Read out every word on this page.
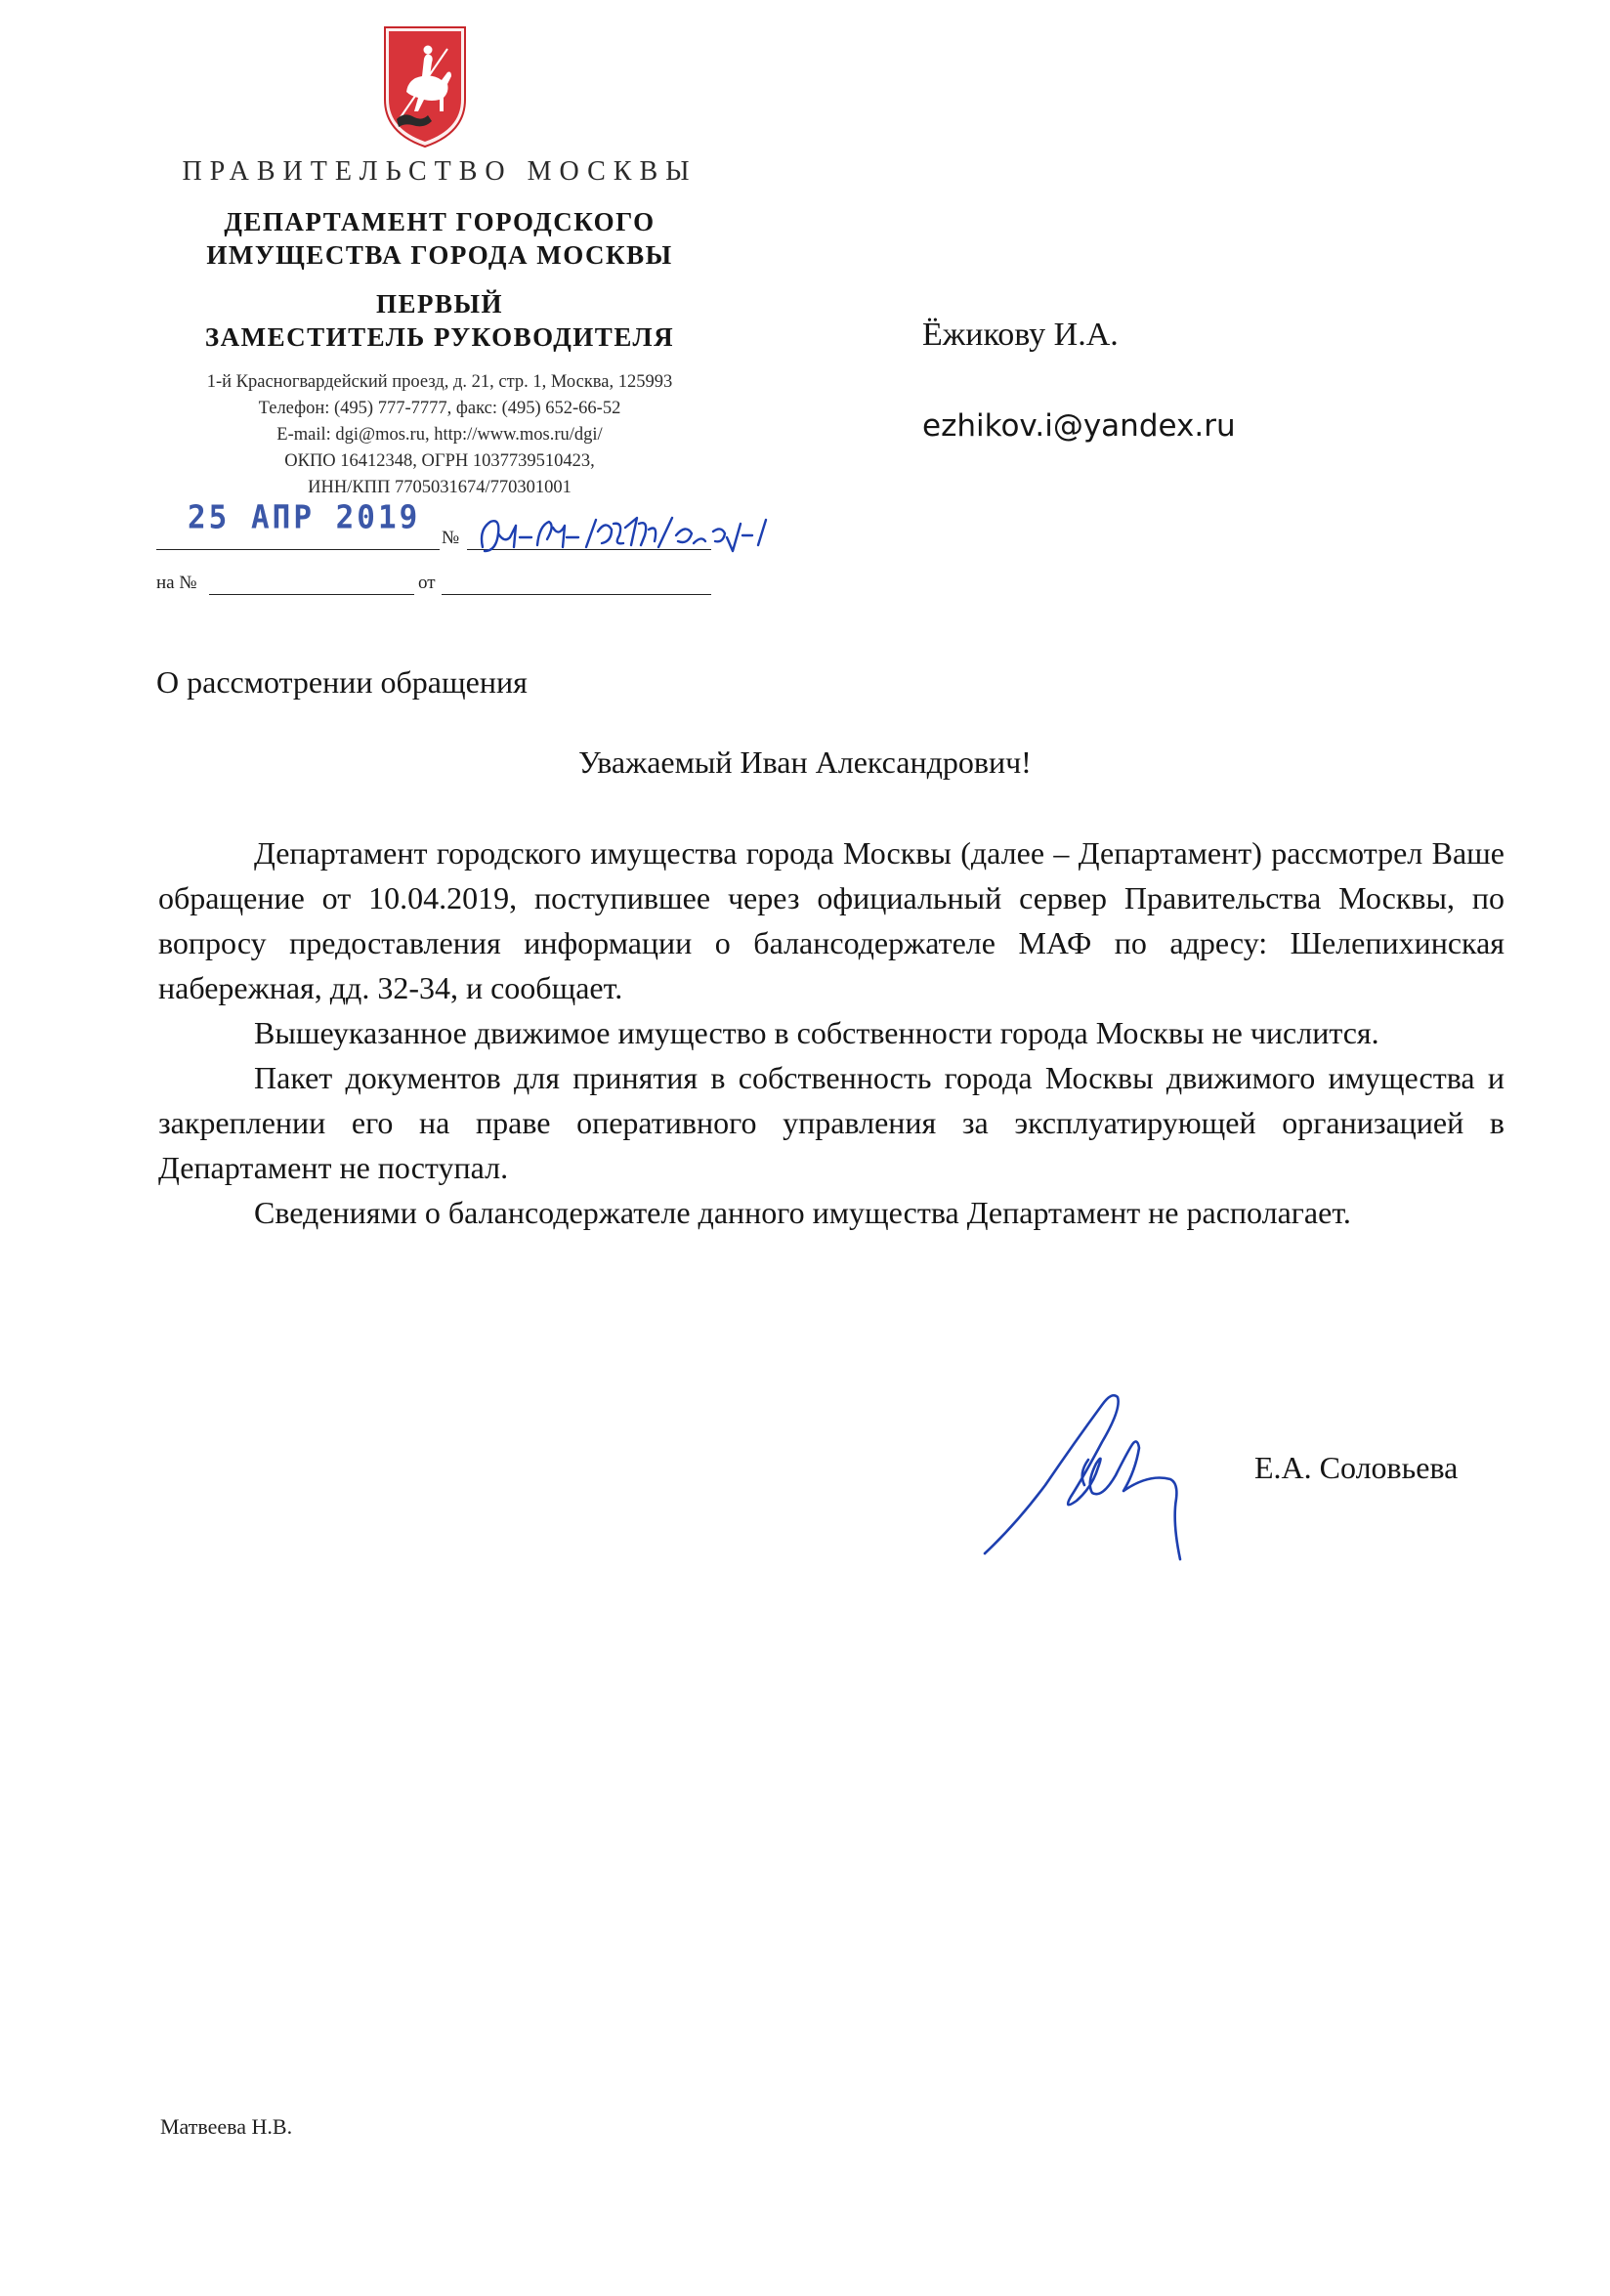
ПРАВИТЕЛЬСТВО МОСКВЫ
ДЕПАРТАМЕНТ ГОРОДСКОГО
ИМУЩЕСТВА ГОРОДА МОСКВЫ
ПЕРВЫЙ
ЗАМЕСТИТЕЛЬ РУКОВОДИТЕЛЯ
1-й Красногвардейский проезд, д. 21, стр. 1, Москва, 125993
Телефон: (495) 777-7777, факс: (495) 652-66-52
E-mail: dgi@mos.ru, http://www.mos.ru/dgi/
ОКПО 16412348, ОГРН 1037739510423,
ИНН/КПП 7705031674/770301001
25 АПР 2019
№
на №	от
Ёжикову И.А.
ezhikov.i@yandex.ru
О рассмотрении обращения
Уважаемый Иван Александрович!

Департамент городского имущества города Москвы (далее – Департамент) рассмотрел Ваше обращение от 10.04.2019, поступившее через официальный сервер Правительства Москвы, по вопросу предоставления информации о балансодержателе МАФ по адресу: Шелепихинская набережная, дд. 32-34, и сообщает.

Вышеуказанное движимое имущество в собственности города Москвы не числится.

Пакет документов для принятия в собственность города Москвы движимого имущества и закреплении его на праве оперативного управления за эксплуатирующей организацией в Департамент не поступал.

Сведениями о балансодержателе данного имущества Департамент не располагает.

Е.А. Соловьева
Матвеева Н.В.
